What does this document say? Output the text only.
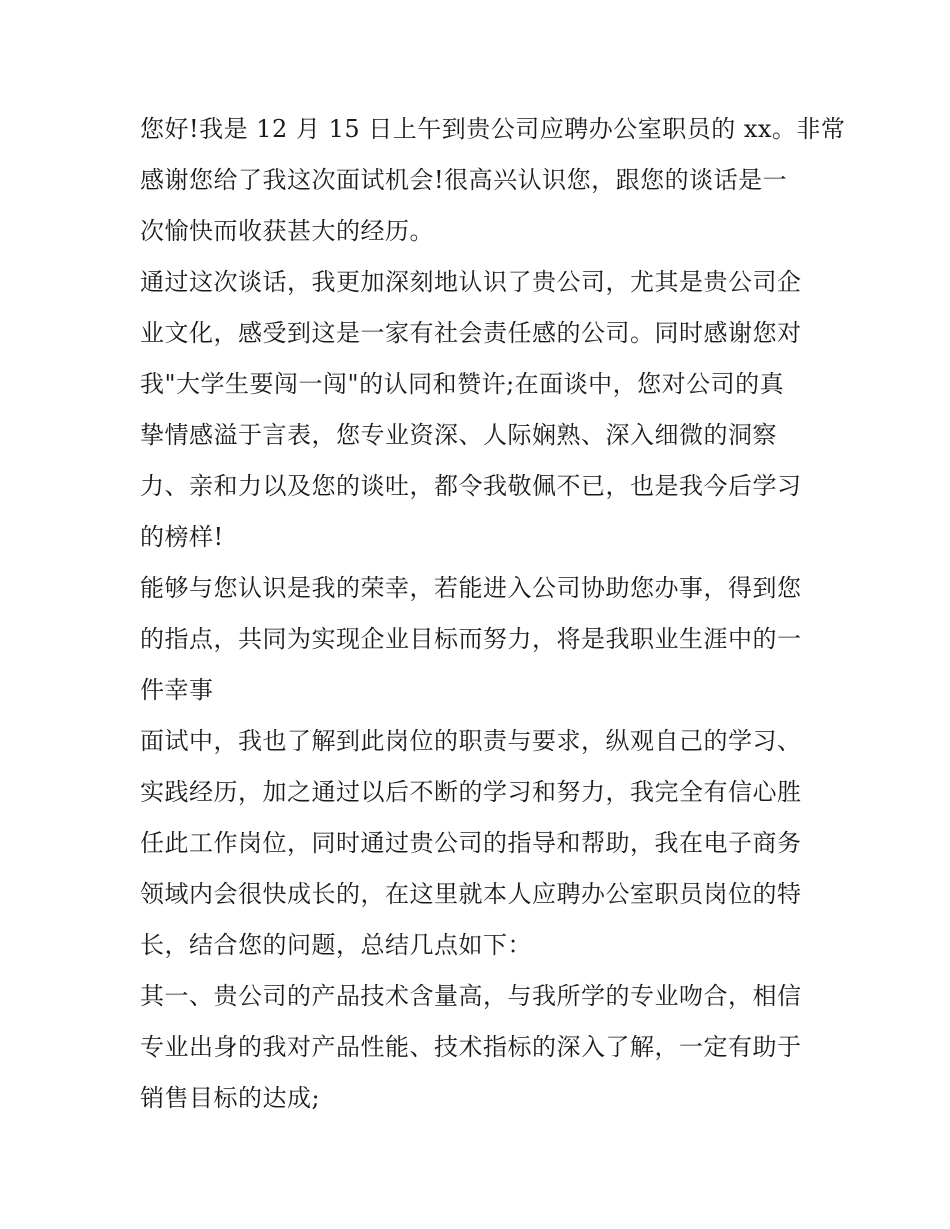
您好!我是 12 月 15 日上午到贵公司应聘办公室职员的 xx。非常
感谢您给了我这次面试机会!很高兴认识您，跟您的谈话是一
次愉快而收获甚大的经历。
通过这次谈话，我更加深刻地认识了贵公司，尤其是贵公司企
业文化，感受到这是一家有社会责任感的公司。同时感谢您对
我"大学生要闯一闯"的认同和赞许;在面谈中，您对公司的真
挚情感溢于言表，您专业资深、人际娴熟、深入细微的洞察
力、亲和力以及您的谈吐，都令我敬佩不已，也是我今后学习
的榜样!
能够与您认识是我的荣幸，若能进入公司协助您办事，得到您
的指点，共同为实现企业目标而努力，将是我职业生涯中的一
件幸事
面试中，我也了解到此岗位的职责与要求，纵观自己的学习、
实践经历，加之通过以后不断的学习和努力，我完全有信心胜
任此工作岗位，同时通过贵公司的指导和帮助，我在电子商务
领域内会很快成长的，在这里就本人应聘办公室职员岗位的特
长，结合您的问题，总结几点如下：
其一、贵公司的产品技术含量高，与我所学的专业吻合，相信
专业出身的我对产品性能、技术指标的深入了解，一定有助于
销售目标的达成;
